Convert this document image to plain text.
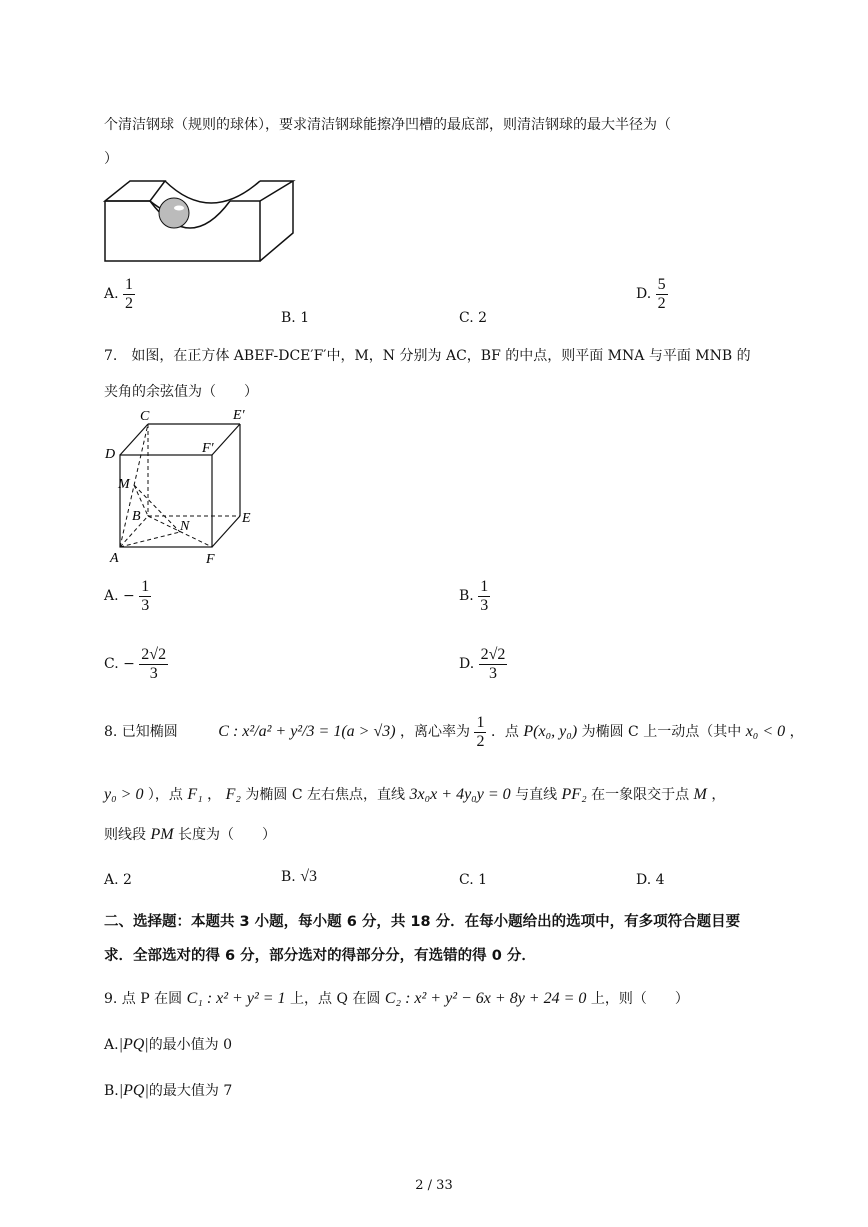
个清洁钢球（规则的球体），要求清洁钢球能擦净凹槽的最底部，则清洁钢球的最大半径为（
）
A. $\frac{1}{2}$
B. 1	C. 2
D. $\frac{5}{2}$
7.　如图，在正方体 ABEF-DCE′F′中，M，N 分别为 AC，BF 的中点，则平面 MNA 与平面 MNB 的
夹角的余弦值为（　　）
C	E′
D	F′
M
B
N
E
A	F
A. − $\frac{1}{3}$	B. $\frac{1}{3}$
C. − $\frac{2√2}{3}$	D. $\frac{2√2}{3}$
8. 已知椭圆	C : x²/a² + y²/3 = 1(a > √3) ，离心率为 $\frac{1}{2}$ ．点 P(x₀, y₀) 为椭圆 C 上一动点（其中 x₀ < 0 ，
y₀ > 0 ），点 F₁ ， F₂ 为椭圆 C 左右焦点，直线 3x₀x + 4y₀y = 0 与直线 PF₂ 在一象限交于点 M ，
则线段 PM 长度为（　　）
A. 2	B. √3	C. 1	D. 4
二、选择题：本题共 3 小题，每小题 6 分，共 18 分．在每小题给出的选项中，有多项符合题目要
求．全部选对的得 6 分，部分选对的得部分分，有选错的得 0 分．
9. 点 P 在圆 C₁ : x² + y² = 1 上，点 Q 在圆 C₂ : x² + y² − 6x + 8y + 24 = 0 上，则（　　）
A.|PQ|的最小值为 0
B.|PQ|的最大值为 7
2 / 33
